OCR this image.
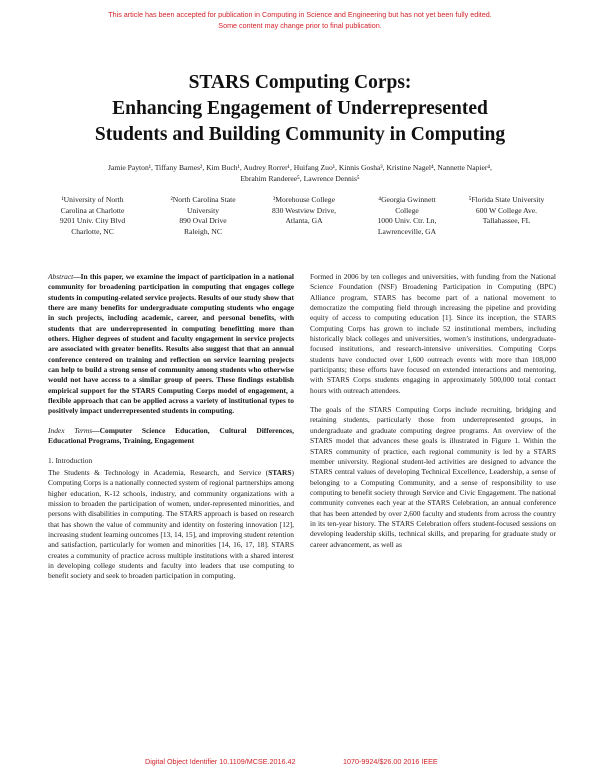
This article has been accepted for publication in Computing in Science and Engineering but has not yet been fully edited.
Some content may change prior to final publication.
STARS Computing Corps:
Enhancing Engagement of Underrepresented
Students and Building Community in Computing
Jamie Payton¹, Tiffany Barnes², Kim Buch¹, Audrey Rorrer¹, Huifang Zuo¹, Kinnis Gosha³, Kristine Nagel⁴, Nannette Napier⁴,
Ebrahim Randeree⁵, Lawrence Dennis⁵
¹University of North
Carolina at Charlotte
9201 Univ. City Blvd
Charlotte, NC
²North Carolina State
University
890 Oval Drive
Raleigh, NC
³Morehouse College
830 Westview Drive,
Atlanta, GA
⁴Georgia Gwinnett
College
1000 Univ. Ctr. Ln,
Lawrenceville, GA
⁵Florida State University
600 W College Ave.
Tallahassee, FL

Abstract—In this paper, we examine the impact of participation in a national community for broadening participation in computing that engages college students in computing-related service projects. Results of our study show that there are many benefits for undergraduate computing students who engage in such projects, including academic, career, and personal benefits, with students that are underrepresented in computing benefitting more than others. Higher degrees of student and faculty engagement in service projects are associated with greater benefits. Results also suggest that that an annual conference centered on training and reflection on service learning projects can help to build a strong sense of community among students who otherwise would not have access to a similar group of peers. These findings establish empirical support for the STARS Computing Corps model of engagement, a flexible approach that can be applied across a variety of institutional types to positively impact underrepresented students in computing.

Index Terms—Computer Science Education, Cultural Differences, Educational Programs, Training, Engagement

1. Introduction

The Students & Technology in Academia, Research, and Service (STARS) Computing Corps is a nationally connected system of regional partnerships among higher education, K-12 schools, industry, and community organizations with a mission to broaden the participation of women, under-represented minorities, and persons with disabilities in computing. The STARS approach is based on research that has shown the value of community and identity on fostering innovation [12], increasing student learning outcomes [13, 14, 15], and improving student retention and satisfaction, particularly for women and minorities [14, 16, 17, 18]. STARS creates a community of practice across multiple institutions with a shared interest in developing college students and faculty into leaders that use computing to benefit society and seek to broaden participation in computing.

Formed in 2006 by ten colleges and universities, with funding from the National Science Foundation (NSF) Broadening Participation in Computing (BPC) Alliance program, STARS has become part of a national movement to democratize the computing field through increasing the pipeline and providing equity of access to computing education [1]. Since its inception, the STARS Computing Corps has grown to include 52 institutional members, including historically black colleges and universities, women’s institutions, undergraduate-focused institutions, and research-intensive universities. Computing Corps students have conducted over 1,600 outreach events with more than 108,000 participants; these efforts have focused on extended interactions and mentoring, with STARS Corps students engaging in approximately 500,000 total contact hours with outreach attendees.

The goals of the STARS Computing Corps include recruiting, bridging and retaining students, particularly those from underrepresented groups, in undergraduate and graduate computing degree programs. An overview of the STARS model that advances these goals is illustrated in Figure 1. Within the STARS community of practice, each regional community is led by a STARS member university. Regional student-led activities are designed to advance the STARS central values of developing Technical Excellence, Leadership, a sense of belonging to a Computing Community, and a sense of responsibility to use computing to benefit society through Service and Civic Engagement. The national community convenes each year at the STARS Celebration, an annual conference that has been attended by over 2,600 faculty and students from across the country in its ten-year history. The STARS Celebration offers student-focused sessions on developing leadership skills, technical skills, and preparing for graduate study or career advancement, as well as

Digital Object Identifier 10.1109/MCSE.2016.42	1070-9924/$26.00 2016 IEEE
